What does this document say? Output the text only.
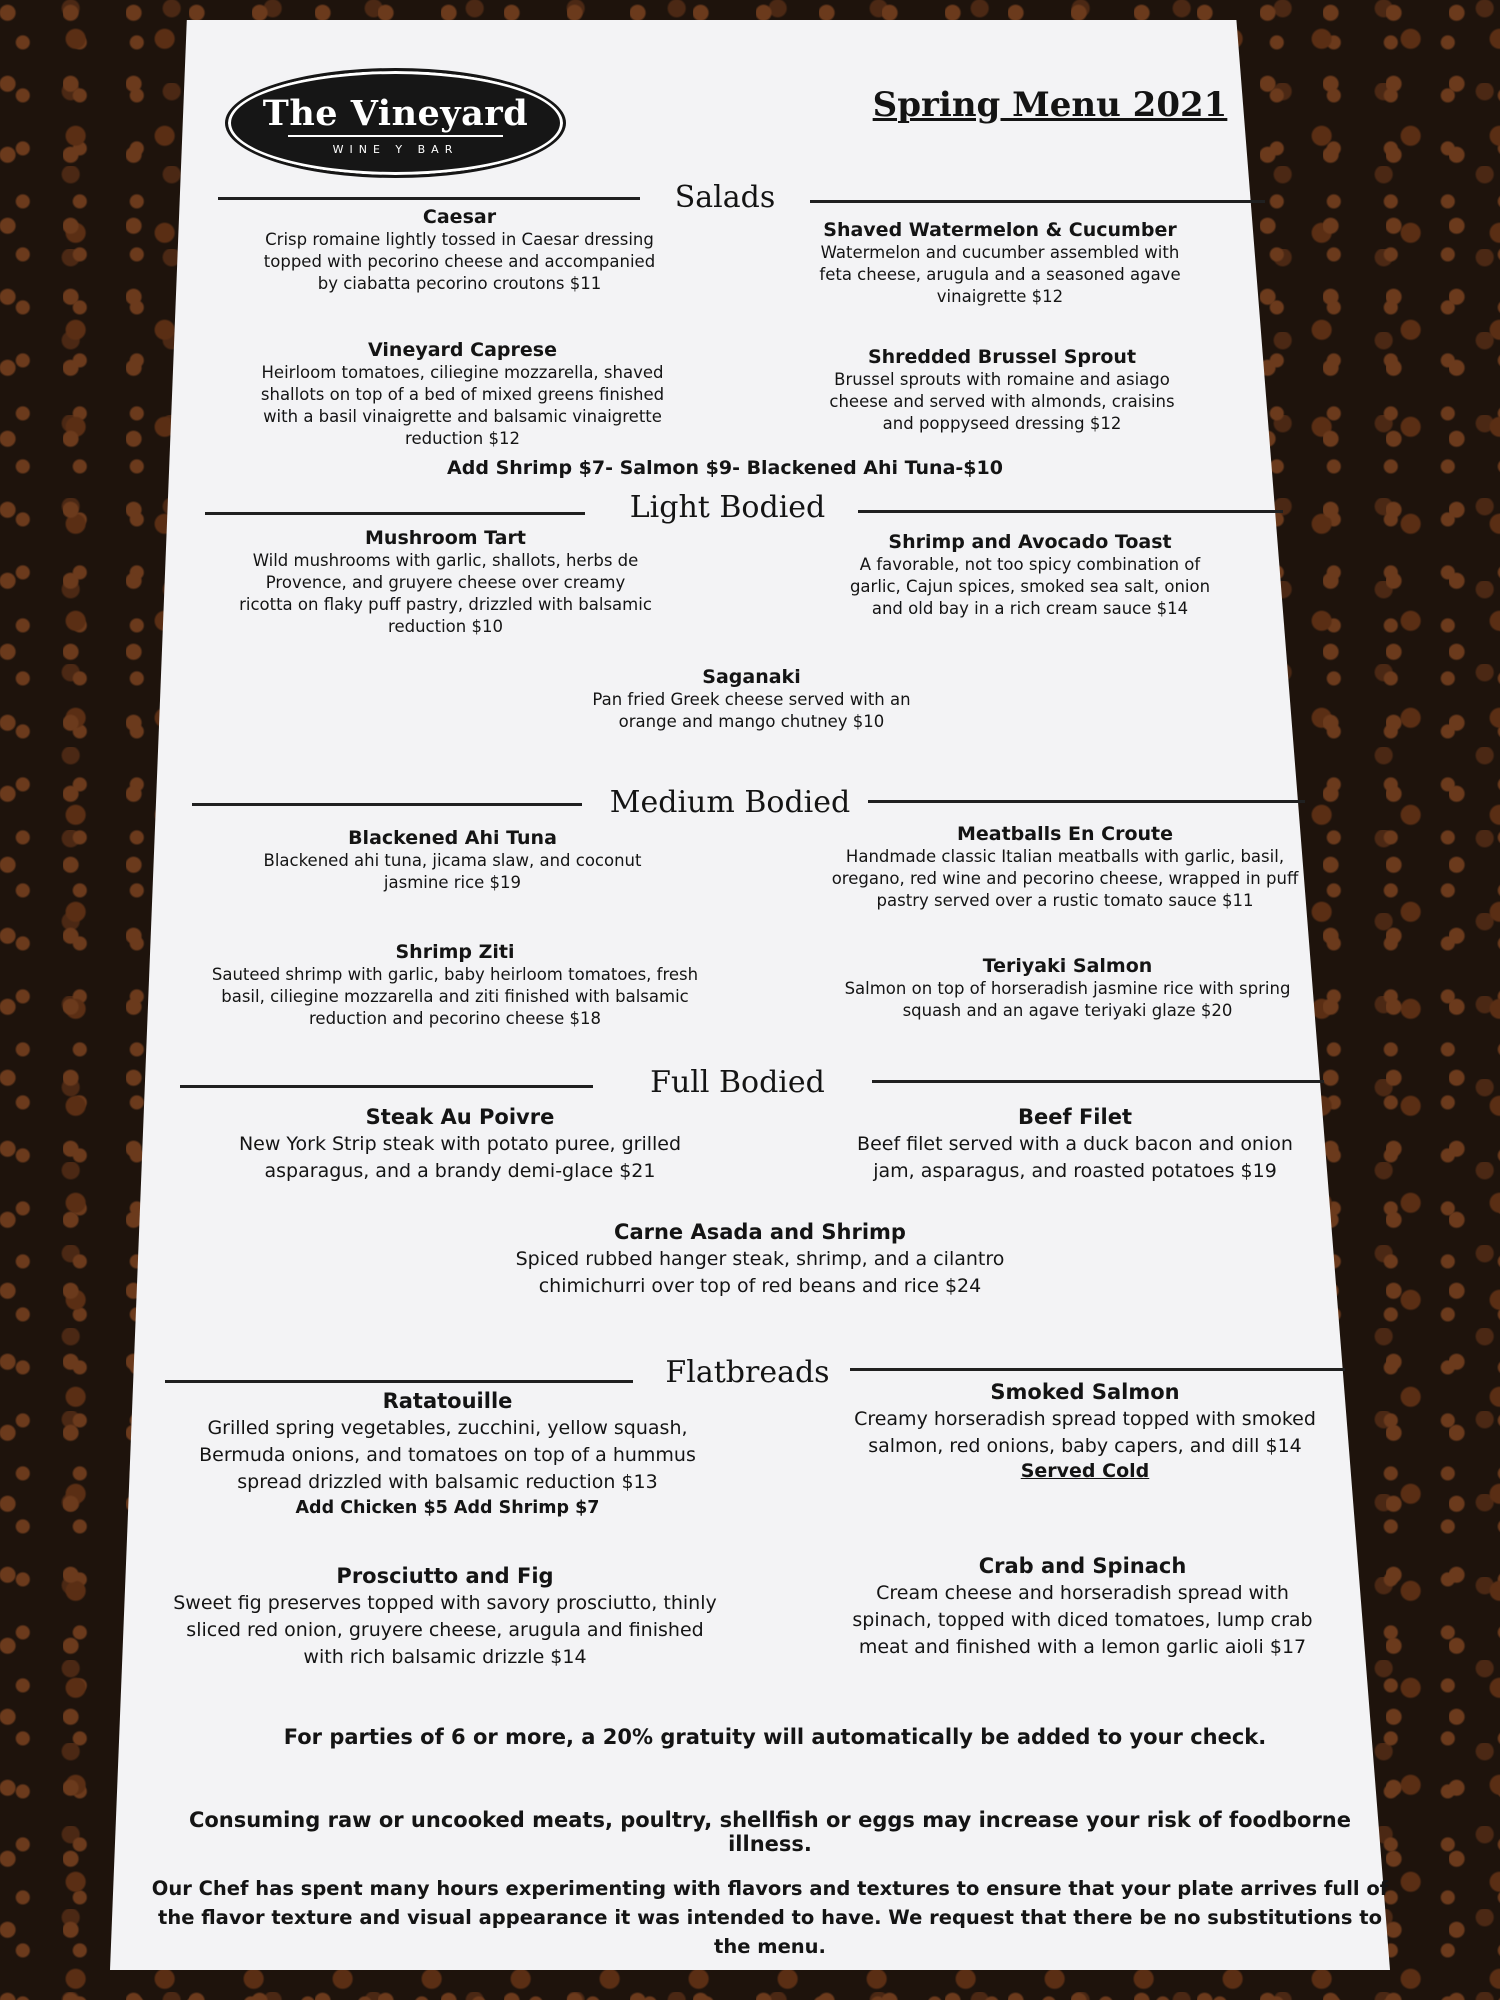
The Vineyard
WINE Y BAR
Spring Menu 2021
Salads
Caesar
Crisp romaine lightly tossed in Caesar dressing topped with pecorino cheese and accompanied by ciabatta pecorino croutons $11
Shaved Watermelon & Cucumber
Watermelon and cucumber assembled with feta cheese, arugula and a seasoned agave vinaigrette $12
Vineyard Caprese
Heirloom tomatoes, ciliegine mozzarella, shaved shallots on top of a bed of mixed greens finished with a basil vinaigrette and balsamic vinaigrette reduction $12
Shredded Brussel Sprout
Brussel sprouts with romaine and asiago cheese and served with almonds, craisins and poppyseed dressing $12
Add Shrimp $7- Salmon $9- Blackened Ahi Tuna-$10
Light Bodied
Mushroom Tart
Wild mushrooms with garlic, shallots, herbs de Provence, and gruyere cheese over creamy ricotta on flaky puff pastry, drizzled with balsamic reduction $10
Shrimp and Avocado Toast
A favorable, not too spicy combination of garlic, Cajun spices, smoked sea salt, onion and old bay in a rich cream sauce $14
Saganaki
Pan fried Greek cheese served with an orange and mango chutney $10
Medium Bodied
Blackened Ahi Tuna
Blackened ahi tuna, jicama slaw, and coconut jasmine rice $19
Meatballs En Croute
Handmade classic Italian meatballs with garlic, basil, oregano, red wine and pecorino cheese, wrapped in puff pastry served over a rustic tomato sauce $11
Shrimp Ziti
Sauteed shrimp with garlic, baby heirloom tomatoes, fresh basil, ciliegine mozzarella and ziti finished with balsamic reduction and pecorino cheese $18
Teriyaki Salmon
Salmon on top of horseradish jasmine rice with spring squash and an agave teriyaki glaze $20
Full Bodied
Steak Au Poivre
New York Strip steak with potato puree, grilled asparagus, and a brandy demi-glace $21
Beef Filet
Beef filet served with a duck bacon and onion jam, asparagus, and roasted potatoes $19
Carne Asada and Shrimp
Spiced rubbed hanger steak, shrimp, and a cilantro chimichurri over top of red beans and rice $24
Flatbreads
Ratatouille
Grilled spring vegetables, zucchini, yellow squash, Bermuda onions, and tomatoes on top of a hummus spread drizzled with balsamic reduction $13
Add Chicken $5 Add Shrimp $7
Smoked Salmon
Creamy horseradish spread topped with smoked salmon, red onions, baby capers, and dill $14
Served Cold
Prosciutto and Fig
Sweet fig preserves topped with savory prosciutto, thinly sliced red onion, gruyere cheese, arugula and finished with rich balsamic drizzle $14
Crab and Spinach
Cream cheese and horseradish spread with spinach, topped with diced tomatoes, lump crab meat and finished with a lemon garlic aioli $17
For parties of 6 or more, a 20% gratuity will automatically be added to your check.
Consuming raw or uncooked meats, poultry, shellfish or eggs may increase your risk of foodborne illness.
Our Chef has spent many hours experimenting with flavors and textures to ensure that your plate arrives full of the flavor texture and visual appearance it was intended to have. We request that there be no substitutions to the menu.
